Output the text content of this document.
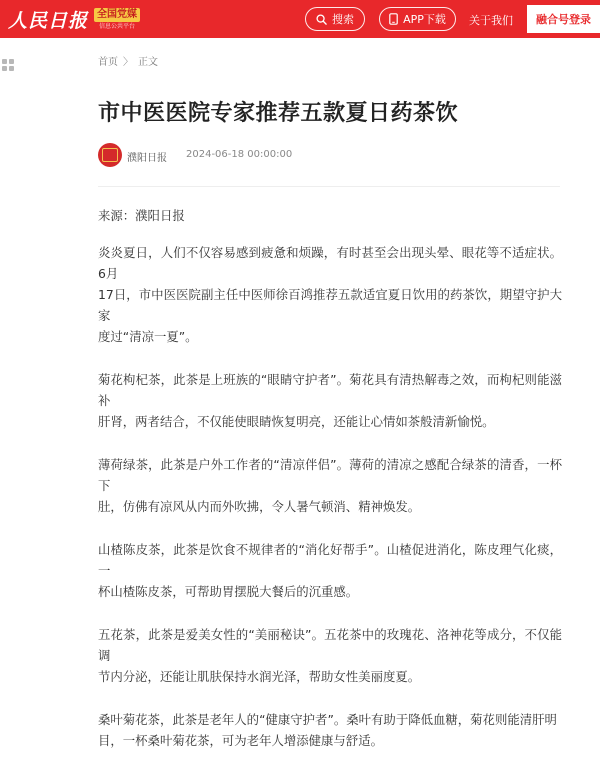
人民日报 全国党媒
信息公共平台
搜索	APP下载 关于我们	融合号登录
首页 〉 正文
市中医医院专家推荐五款夏日药茶饮
濮阳日报 2024-06-18 00:00:00

来源：濮阳日报

炎炎夏日，人们不仅容易感到疲惫和烦躁，有时甚至会出现头晕、眼花等不适症状。6月
17日，市中医医院副主任中医师徐百鸿推荐五款适宜夏日饮用的药茶饮，期望守护大家
度过“清凉一夏”。

菊花枸杞茶，此茶是上班族的“眼睛守护者”。菊花具有清热解毒之效，而枸杞则能滋补
肝肾，两者结合，不仅能使眼睛恢复明亮，还能让心情如茶般清新愉悦。

薄荷绿茶，此茶是户外工作者的“清凉伴侣”。薄荷的清凉之感配合绿茶的清香，一杯下
肚，仿佛有凉风从内而外吹拂，令人暑气顿消、精神焕发。

山楂陈皮茶，此茶是饮食不规律者的“消化好帮手”。山楂促进消化，陈皮理气化痰，一
杯山楂陈皮茶，可帮助胃摆脱大餐后的沉重感。

五花茶，此茶是爱美女性的“美丽秘诀”。五花茶中的玫瑰花、洛神花等成分，不仅能调
节内分泌，还能让肌肤保持水润光泽，帮助女性美丽度夏。

桑叶菊花茶，此茶是老年人的“健康守护者”。桑叶有助于降低血糖，菊花则能清肝明
目，一杯桑叶菊花茶，可为老年人增添健康与舒适。
